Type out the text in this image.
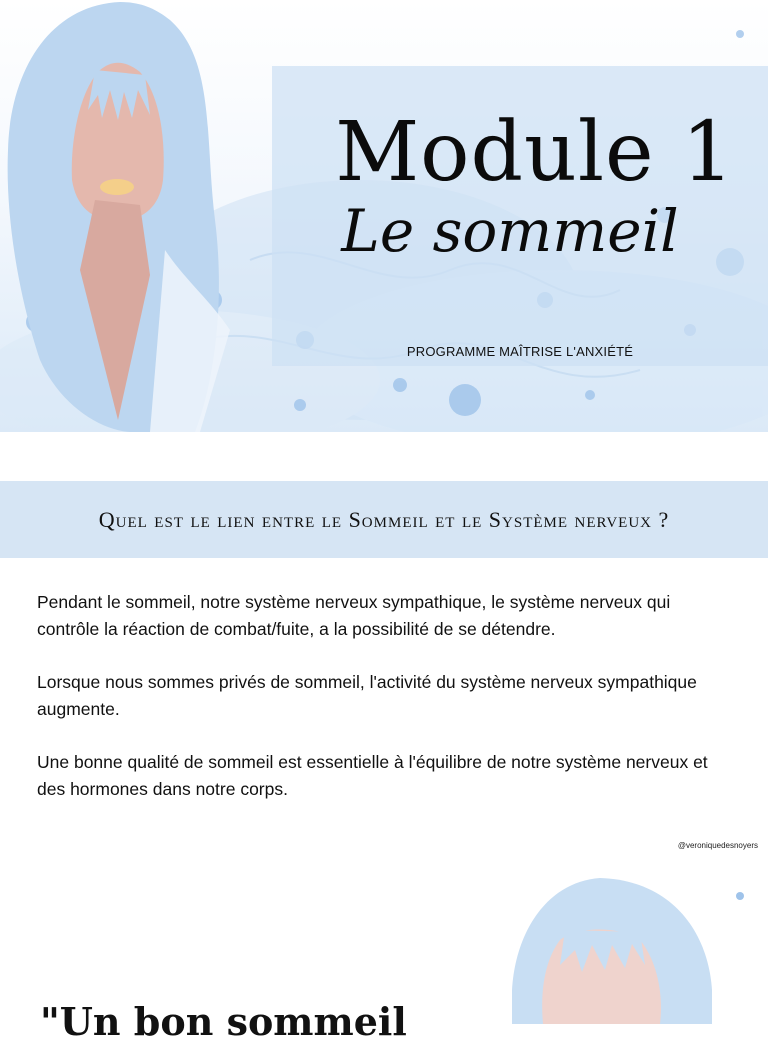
Module 1
Le sommeil
PROGRAMME MAÎTRISE L'ANXIÉTÉ
Quel est le lien entre le Sommeil et le Système nerveux ?

Pendant le sommeil, notre système nerveux sympathique, le système nerveux qui contrôle la réaction de combat/fuite, a la possibilité de se détendre.

Lorsque nous sommes privés de sommeil, l'activité du système nerveux sympathique augmente.

Une bonne qualité de sommeil est essentielle à l'équilibre de notre système nerveux et des hormones dans notre corps.

@veroniquedesnoyers

"Un bon sommeil
